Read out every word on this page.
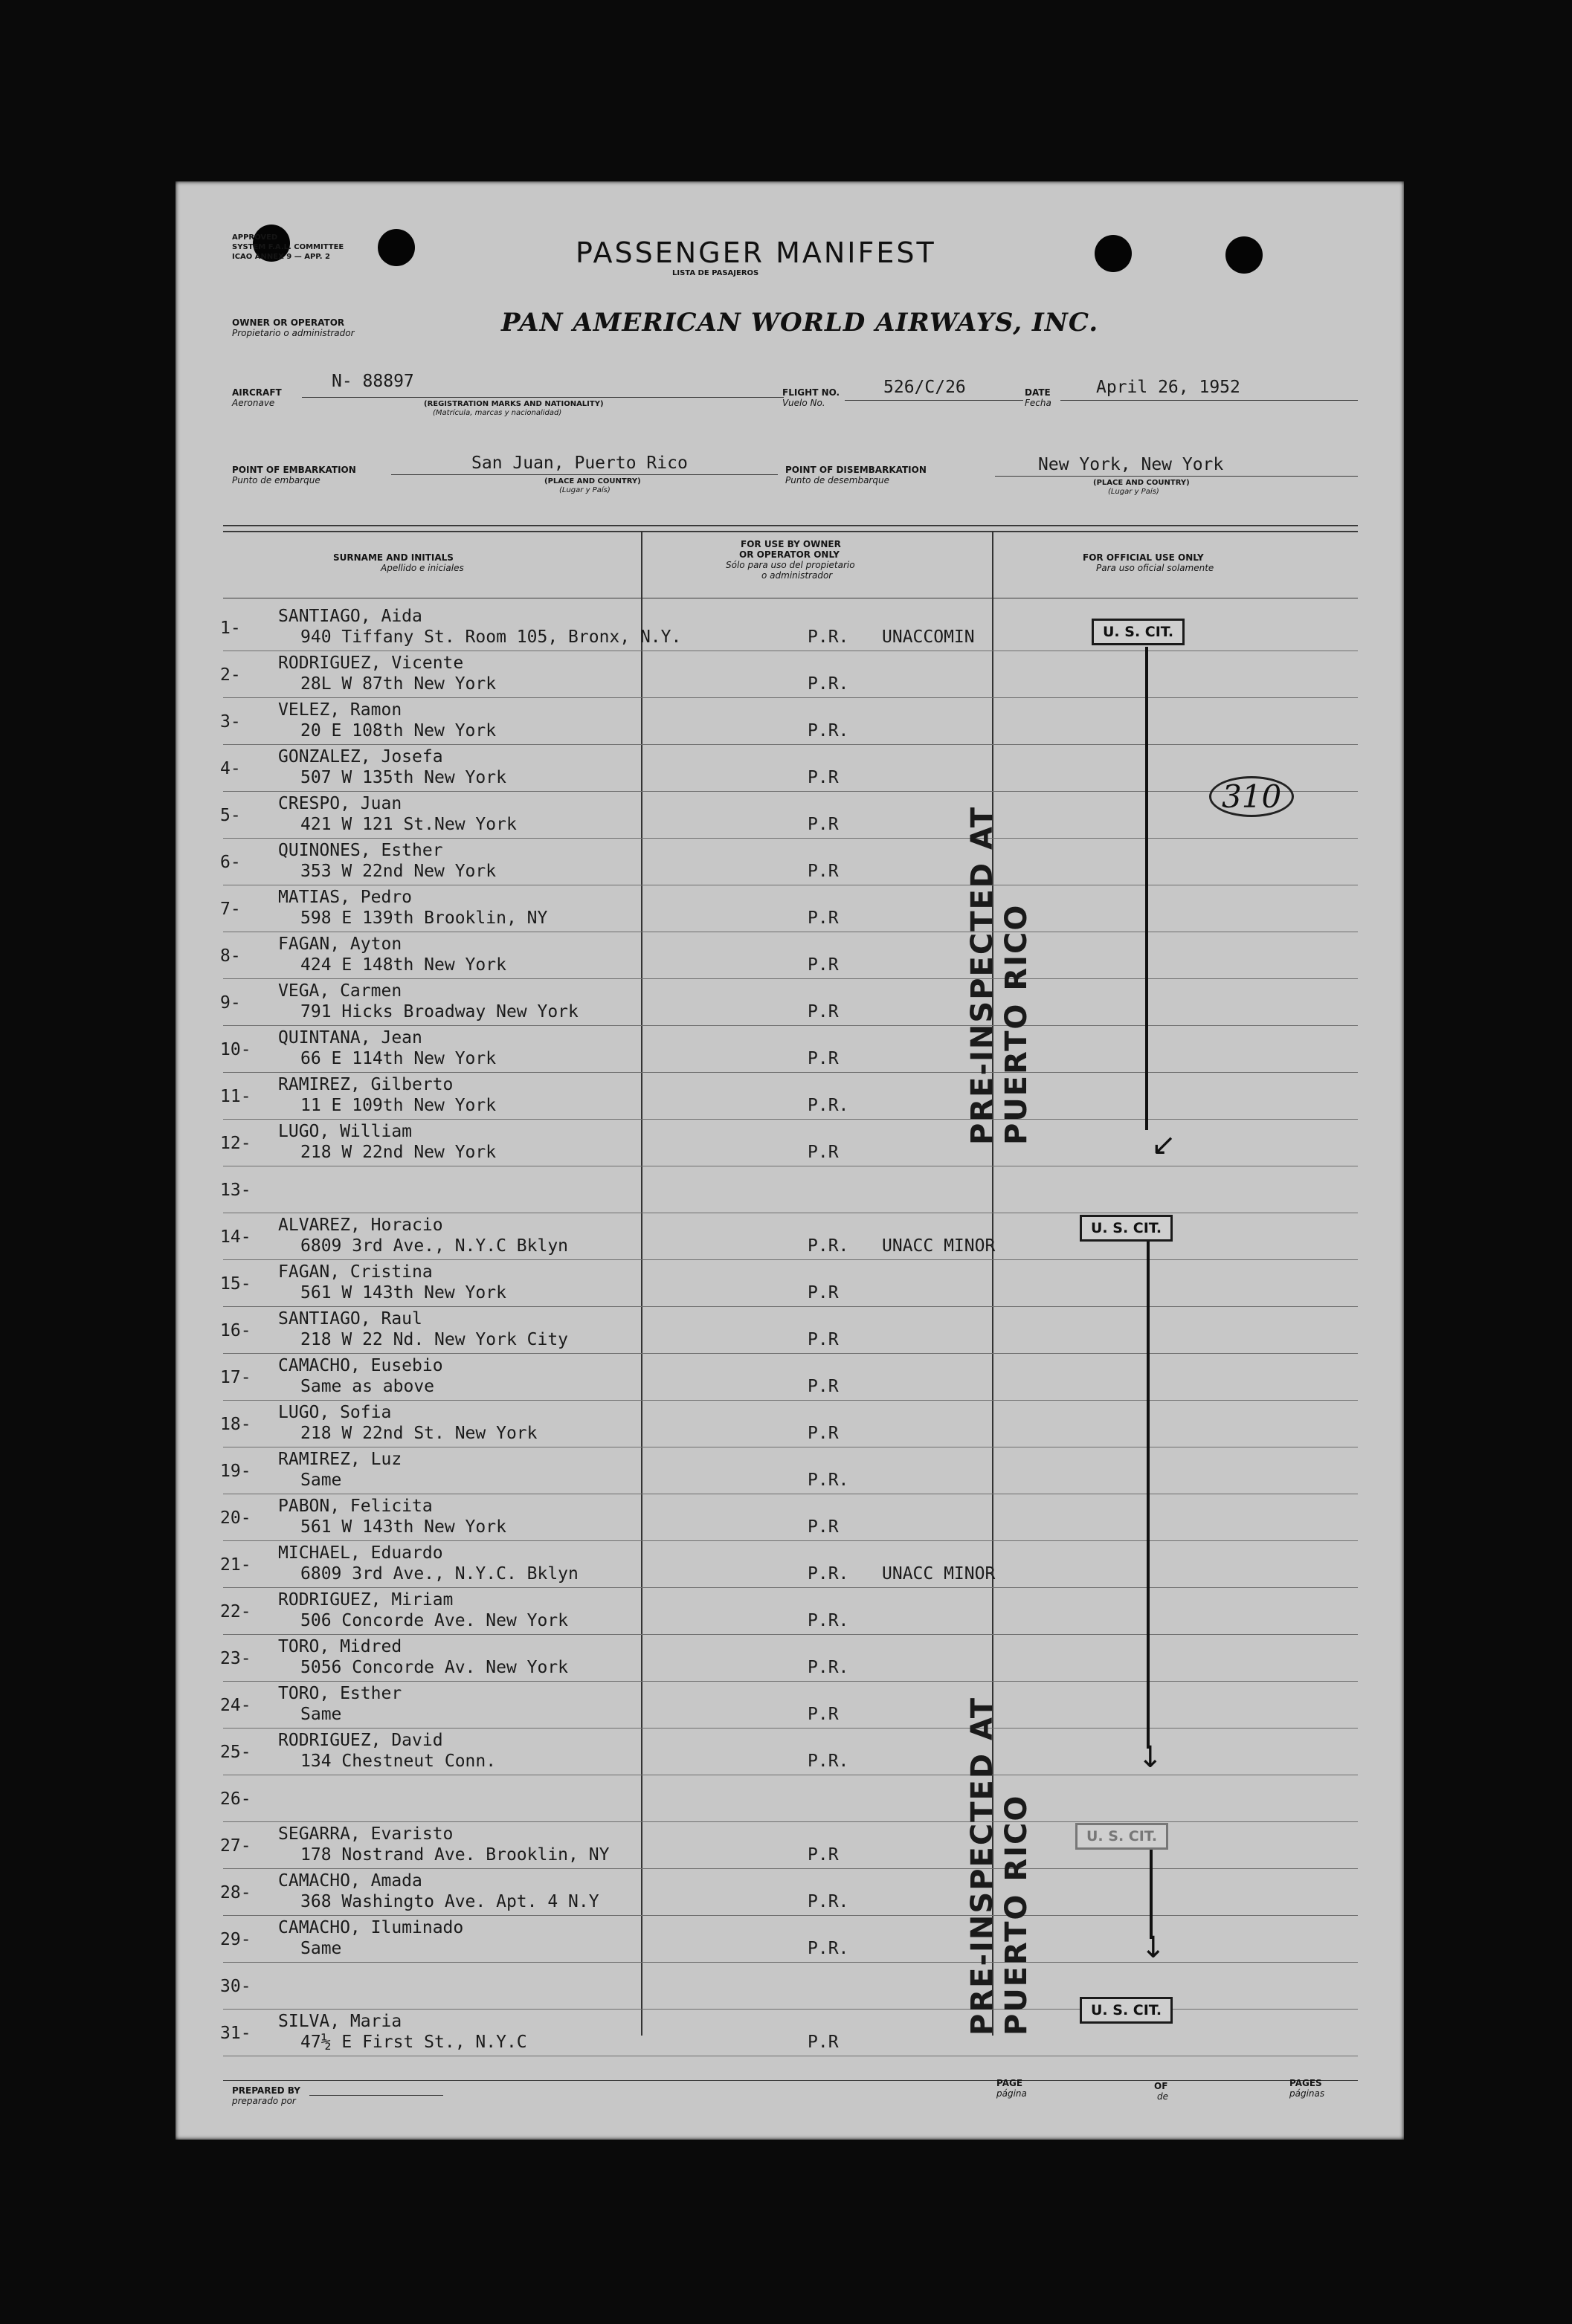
APPROVED
SYSTEM F.A.L. COMMITTEE
ICAO ANNEX 9 — APP. 2	PASSENGER MANIFEST
LISTA DE PASAJEROS
OWNER OR OPERATOR
Propietario o administrador	PAN AMERICAN WORLD AIRWAYS, INC.
AIRCRAFT
Aeronave
N- 88897
(REGISTRATION MARKS AND NATIONALITY)
(Matrícula, marcas y nacionalidad)
FLIGHT NO.
Vuelo No.
526/C/26	DATE
Fecha
April 26, 1952
POINT OF EMBARKATION
Punto de embarque
San Juan, Puerto Rico
(PLACE AND COUNTRY)
(Lugar y País)
POINT OF DISEMBARKATION
Punto de desembarque
New York, New York
(PLACE AND COUNTRY)
(Lugar y País)
SURNAME AND INITIALS
Apellido e iniciales
FOR USE BY OWNER
OR OPERATOR ONLY
Sólo para uso del propietario
o administrador
FOR OFFICIAL USE ONLY
Para uso oficial solamente
1-
SANTIAGO, Aida
940 Tiffany St. Room 105, Bronx, N.Y.	P.R. UNACCOMIN
2-
RODRIGUEZ, Vicente
28L W 87th New York	P.R.
3-
VELEZ, Ramon
20 E 108th New York	P.R.
4-
GONZALEZ, Josefa
507 W 135th New York	P.R
5-
CRESPO, Juan
421 W 121 St.New York	P.R
6-
QUINONES, Esther
353 W 22nd New York	P.R
7-
MATIAS, Pedro
598 E 139th Brooklin, NY	P.R
8-
FAGAN, Ayton
424 E 148th New York	P.R
9-
VEGA, Carmen
791 Hicks Broadway New York	P.R
10-
QUINTANA, Jean
66 E 114th New York	P.R
11-
RAMIREZ, Gilberto
11 E 109th New York	P.R.
12-
LUGO, William
218 W 22nd New York	P.R
13-
14-
ALVAREZ, Horacio
6809 3rd Ave., N.Y.C Bklyn	P.R. UNACC MINOR
15-
FAGAN, Cristina
561 W 143th New York	P.R
16-
SANTIAGO, Raul
218 W 22 Nd. New York City	P.R
17-
CAMACHO, Eusebio
Same as above	P.R
18-
LUGO, Sofia
218 W 22nd St. New York	P.R
19-
RAMIREZ, Luz
Same	P.R.
20-
PABON, Felicita
561 W 143th New York	P.R
21-
MICHAEL, Eduardo
6809 3rd Ave., N.Y.C. Bklyn	P.R. UNACC MINOR
22-
RODRIGUEZ, Miriam
506 Concorde Ave. New York	P.R.
23-
TORO, Midred
5056 Concorde Av. New York	P.R.
24-
TORO, Esther
Same	P.R
25-
RODRIGUEZ, David
134 Chestneut Conn.	P.R.
26-
27-
SEGARRA, Evaristo
178 Nostrand Ave. Brooklin, NY	P.R
28-
CAMACHO, Amada
368 Washingto Ave. Apt. 4 N.Y	P.R.
29-
CAMACHO, Iluminado
Same	P.R.
30-
31-
SILVA, Maria
47½ E First St., N.Y.C	P.R
U. S. CIT.
↙
310
U. S. CIT.
↓
U. S. CIT.
↓
U. S. CIT.
PRE-INSPECTED AT PUERTO RICO
PRE-INSPECTED AT PUERTO RICO
PREPARED BY
preparado por
PAGE
página
OF
de
PAGES
páginas
